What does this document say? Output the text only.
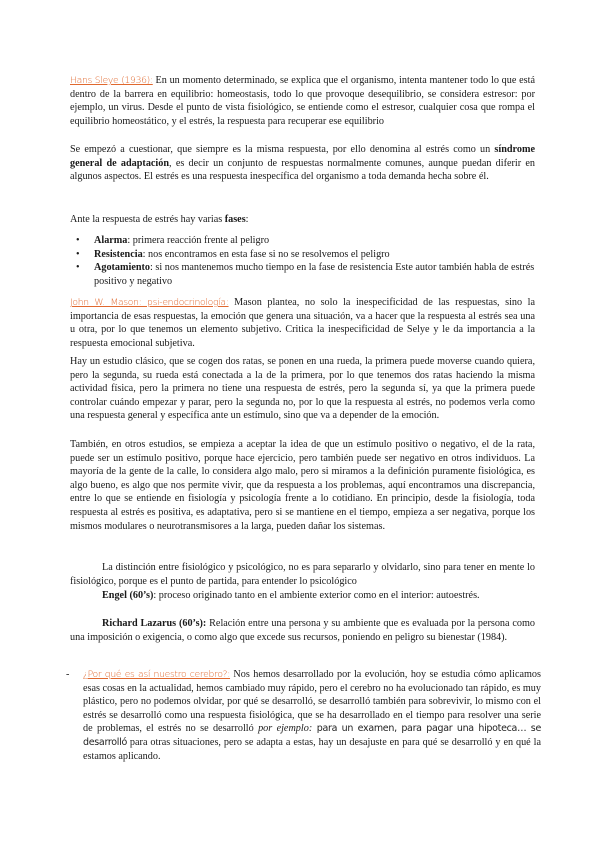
Hans Sleye (1936): En un momento determinado, se explica que el organismo, intenta mantener todo lo que está dentro de la barrera en equilibrio: homeostasis, todo lo que provoque desequilibrio, se considera estresor: por ejemplo, un virus. Desde el punto de vista fisiológico, se entiende como el estresor, cualquier cosa que rompa el equilibrio homeostático, y el estrés, la respuesta para recuperar ese equilibrio
Se empezó a cuestionar, que siempre es la misma respuesta, por ello denomina al estrés como un síndrome general de adaptación, es decir un conjunto de respuestas normalmente comunes, aunque puedan diferir en algunos aspectos. El estrés es una respuesta inespecífica del organismo a toda demanda hecha sobre él.
Ante la respuesta de estrés hay varias fases:
• Alarma: primera reacción frente al peligro
• Resistencia: nos encontramos en esta fase si no se resolvemos el peligro
• Agotamiento: si nos mantenemos mucho tiempo en la fase de resistencia Este autor también habla de estrés positivo y negativo
John W. Mason: psi-endocrinología: Mason plantea, no solo la inespecificidad de las respuestas, sino la importancia de esas respuestas, la emoción que genera una situación, va a hacer que la respuesta al estrés sea una u otra, por lo que tenemos un elemento subjetivo. Critica la inespecificidad de Selye y le da importancia a la respuesta emocional subjetiva.
Hay un estudio clásico, que se cogen dos ratas, se ponen en una rueda, la primera puede moverse cuando quiera, pero la segunda, su rueda está conectada a la de la primera, por lo que tenemos dos ratas haciendo la misma actividad física, pero la primera no tiene una respuesta de estrés, pero la segunda sí, ya que la primera puede controlar cuándo empezar y parar, pero la segunda no, por lo que la respuesta al estrés, no podemos verla como una respuesta general y específica ante un estímulo, sino que va a depender de la emoción.
También, en otros estudios, se empieza a aceptar la idea de que un estímulo positivo o negativo, el de la rata, puede ser un estímulo positivo, porque hace ejercicio, pero también puede ser negativo en otros individuos. La mayoría de la gente de la calle, lo considera algo malo, pero si miramos a la definición puramente fisiológica, es algo bueno, es algo que nos permite vivir, que da respuesta a los problemas, aquí encontramos una discrepancia, entre lo que se entiende en fisiología y psicología frente a lo cotidiano. En principio, desde la fisiología, toda respuesta al estrés es positiva, es adaptativa, pero si se mantiene en el tiempo, empieza a ser negativa, porque los mismos modulares o neurotransmisores a la larga, pueden dañar los sistemas.
La distinción entre fisiológico y psicológico, no es para separarlo y olvidarlo, sino para tener en mente lo fisiológico, porque es el punto de partida, para entender lo psicológico
Engel (60’s): proceso originado tanto en el ambiente exterior como en el interior: autoestrés.
Richard Lazarus (60’s): Relación entre una persona y su ambiente que es evaluada por la persona como una imposición o exigencia, o como algo que excede sus recursos, poniendo en peligro su bienestar (1984).
- ¿Por qué es así nuestro cerebro?: Nos hemos desarrollado por la evolución, hoy se estudia cómo aplicamos esas cosas en la actualidad, hemos cambiado muy rápido, pero el cerebro no ha evolucionado tan rápido, es muy plástico, pero no podemos olvidar, por qué se desarrolló, se desarrolló también para sobrevivir, lo mismo con el estrés se desarrolló como una respuesta fisiológica, que se ha desarrollado en el tiempo para resolver una serie de problemas, el estrés no se desarrolló por ejemplo: para un examen, para pagar una hipoteca… se desarrolló para otras situaciones, pero se adapta a estas, hay un desajuste en para qué se desarrolló y en qué la estamos aplicando.
